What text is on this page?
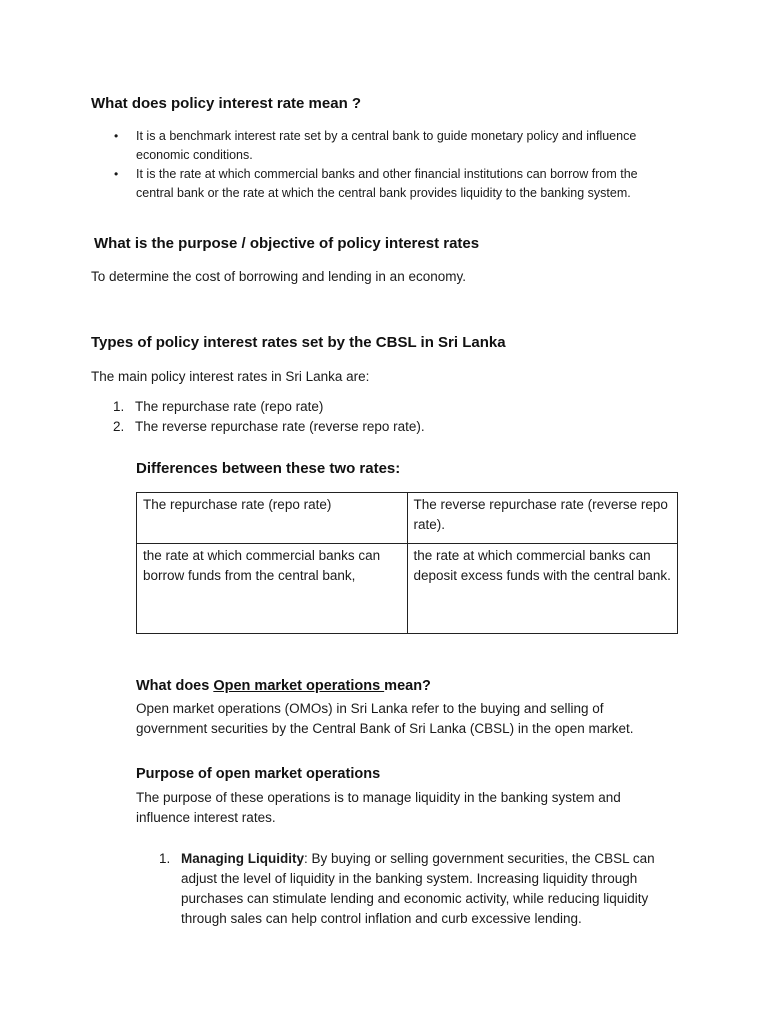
What does policy interest rate mean ?
• It is a benchmark interest rate set by a central bank to guide monetary policy and influence economic conditions.
• It is the rate at which commercial banks and other financial institutions can borrow from the central bank or the rate at which the central bank provides liquidity to the banking system.
What is the purpose / objective of policy interest rates

To determine the cost of borrowing and lending in an economy.

Types of policy interest rates set by the CBSL in Sri Lanka

The main policy interest rates in Sri Lanka are:

1. The repurchase rate (repo rate)
2. The reverse repurchase rate (reverse repo rate).
Differences between these two rates:
The repurchase rate (repo rate)	The reverse repurchase rate (reverse repo rate).
the rate at which commercial banks can borrow funds from the central bank,	the rate at which commercial banks can deposit excess funds with the central bank.
What does Open market operations mean?

Open market operations (OMOs) in Sri Lanka refer to the buying and selling of government securities by the Central Bank of Sri Lanka (CBSL) in the open market.

Purpose of open market operations

The purpose of these operations is to manage liquidity in the banking system and influence interest rates.

1. Managing Liquidity: By buying or selling government securities, the CBSL can adjust the level of liquidity in the banking system. Increasing liquidity through purchases can stimulate lending and economic activity, while reducing liquidity through sales can help control inflation and curb excessive lending.
